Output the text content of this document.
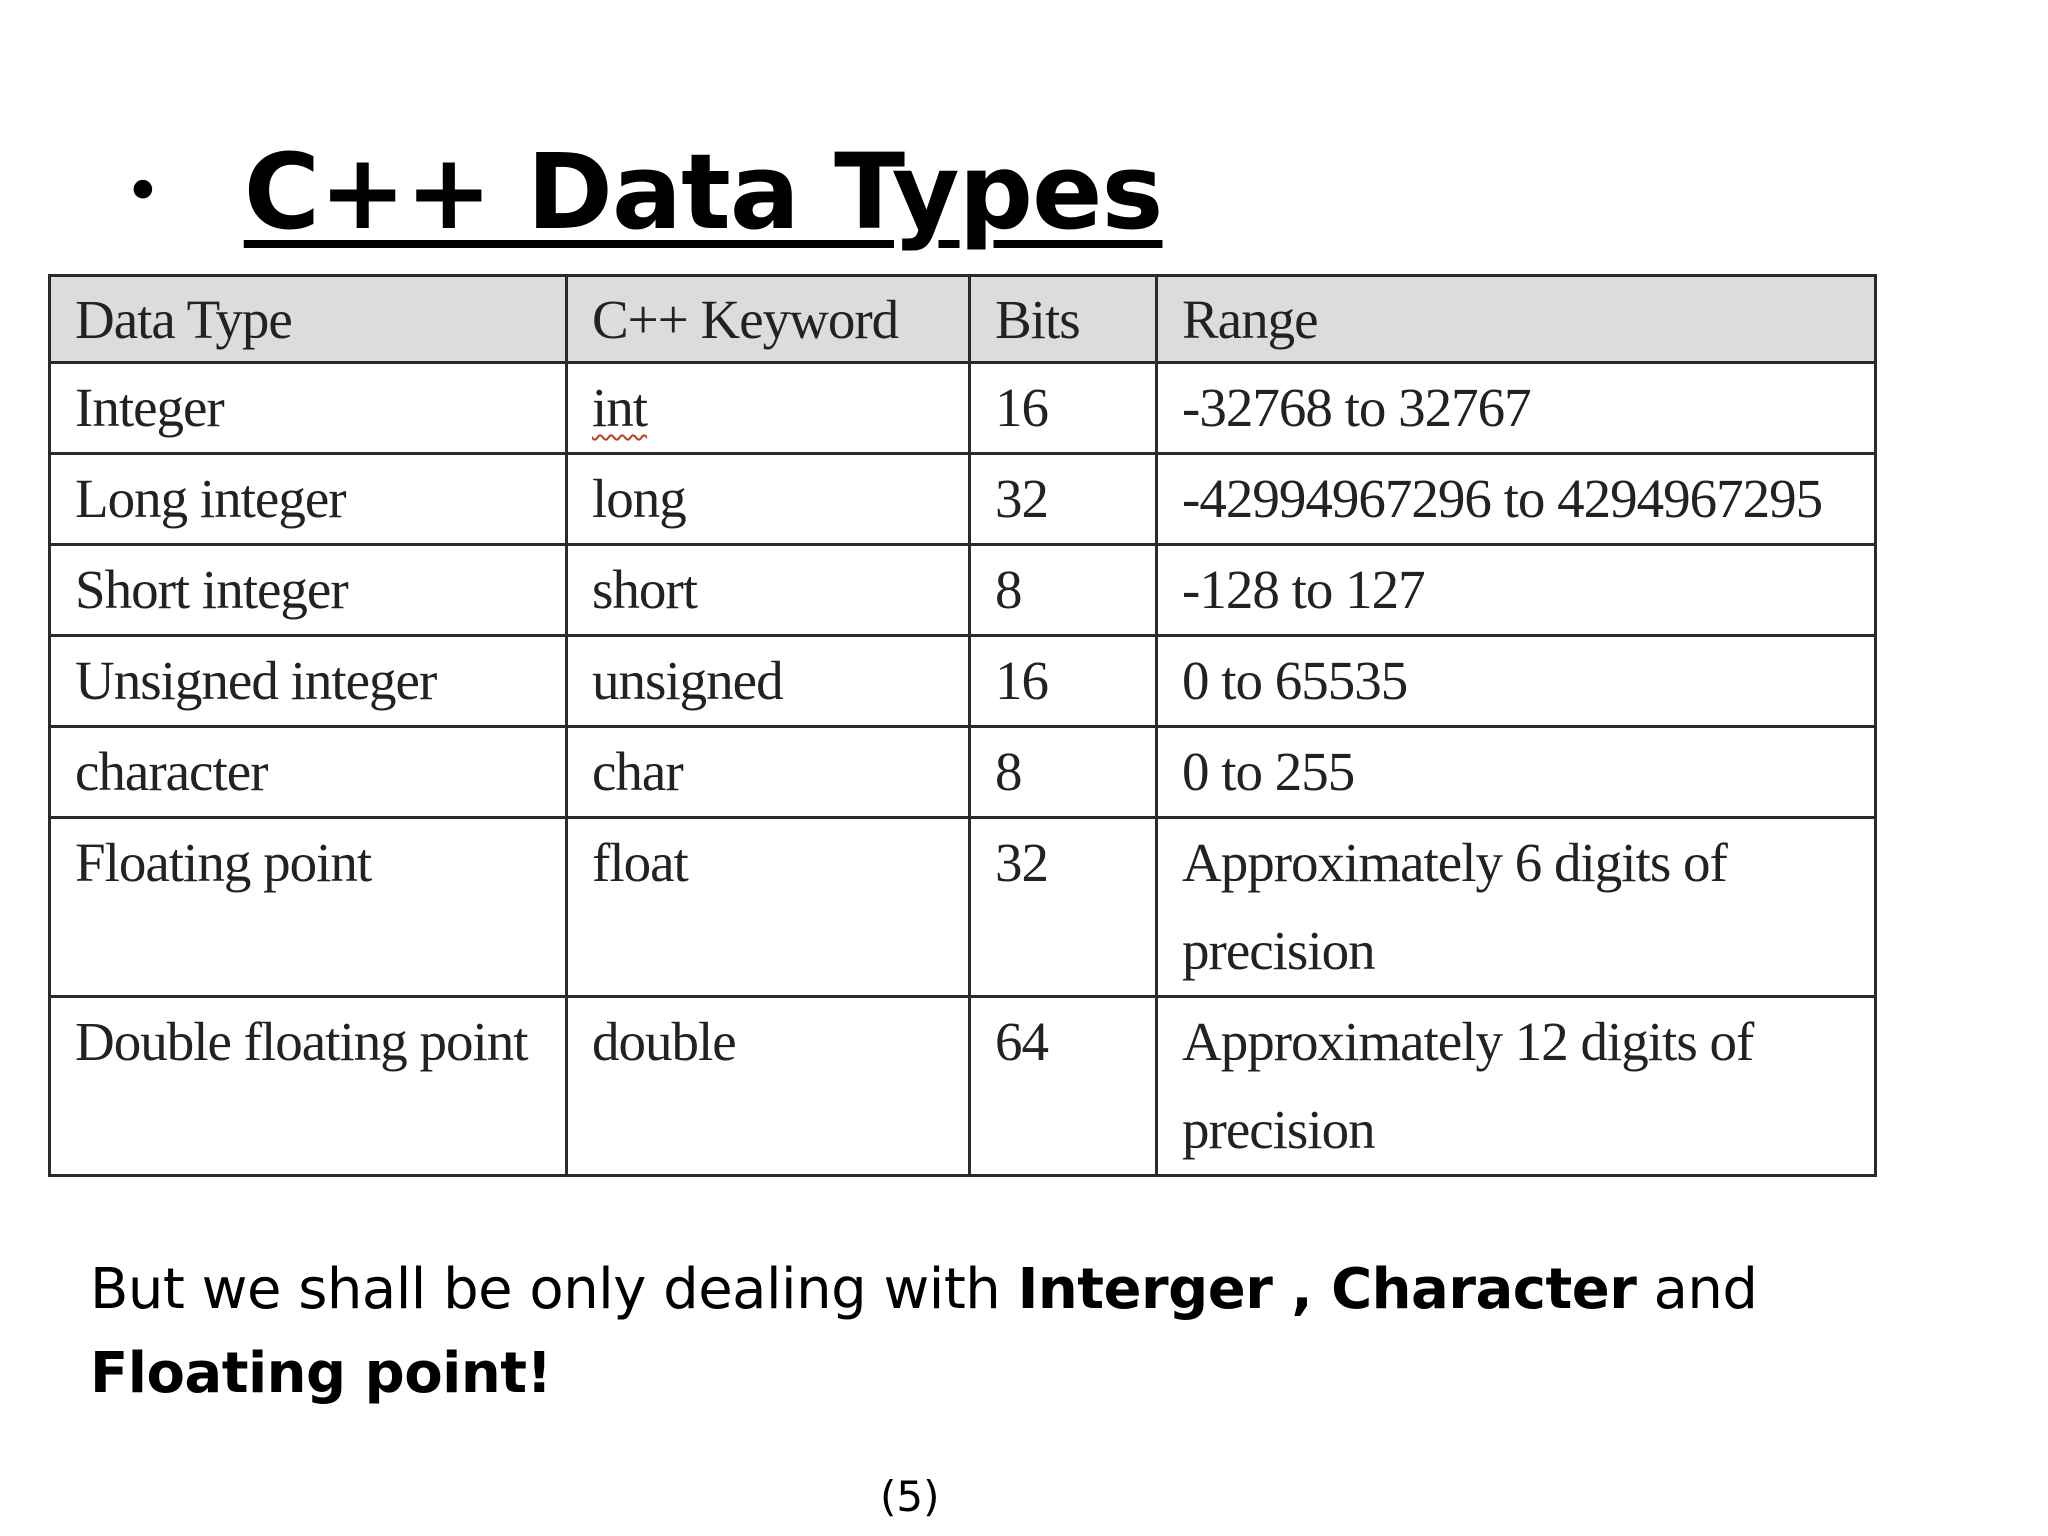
• C++ Data Types
Data Type	C++ Keyword	Bits	Range
Integer	int	16	-32768 to 32767
Long integer	long	32	-42994967296 to 4294967295
Short integer	short	8	-128 to 127
Unsigned integer	unsigned	16	0 to 65535
character	char	8	0 to 255
Floating point	float	32	Approximately 6 digits of precision
Double floating point	double	64	Approximately 12 digits of precision
But we shall be only dealing with Interger , Character and
Floating point!
(5)
